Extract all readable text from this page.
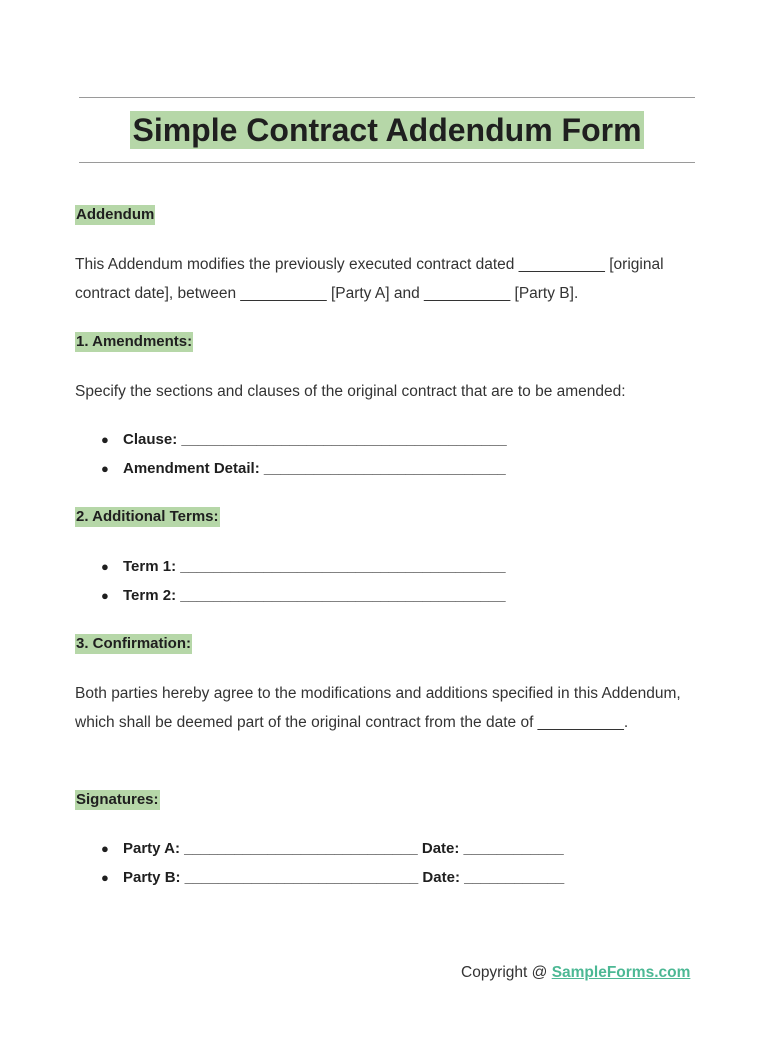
Simple Contract Addendum Form
Addendum
This Addendum modifies the previously executed contract dated __________ [original contract date], between __________ [Party A] and __________ [Party B].
1. Amendments:
Specify the sections and clauses of the original contract that are to be amended:
● Clause: _______________________________________
● Amendment Detail: _____________________________
2. Additional Terms:
● Term 1: _______________________________________
● Term 2: _______________________________________
3. Confirmation:
Both parties hereby agree to the modifications and additions specified in this Addendum, which shall be deemed part of the original contract from the date of __________.
Signatures:
● Party A: ____________________________ Date: ____________
● Party B: ____________________________ Date: ____________
Copyright @ SampleForms.com
